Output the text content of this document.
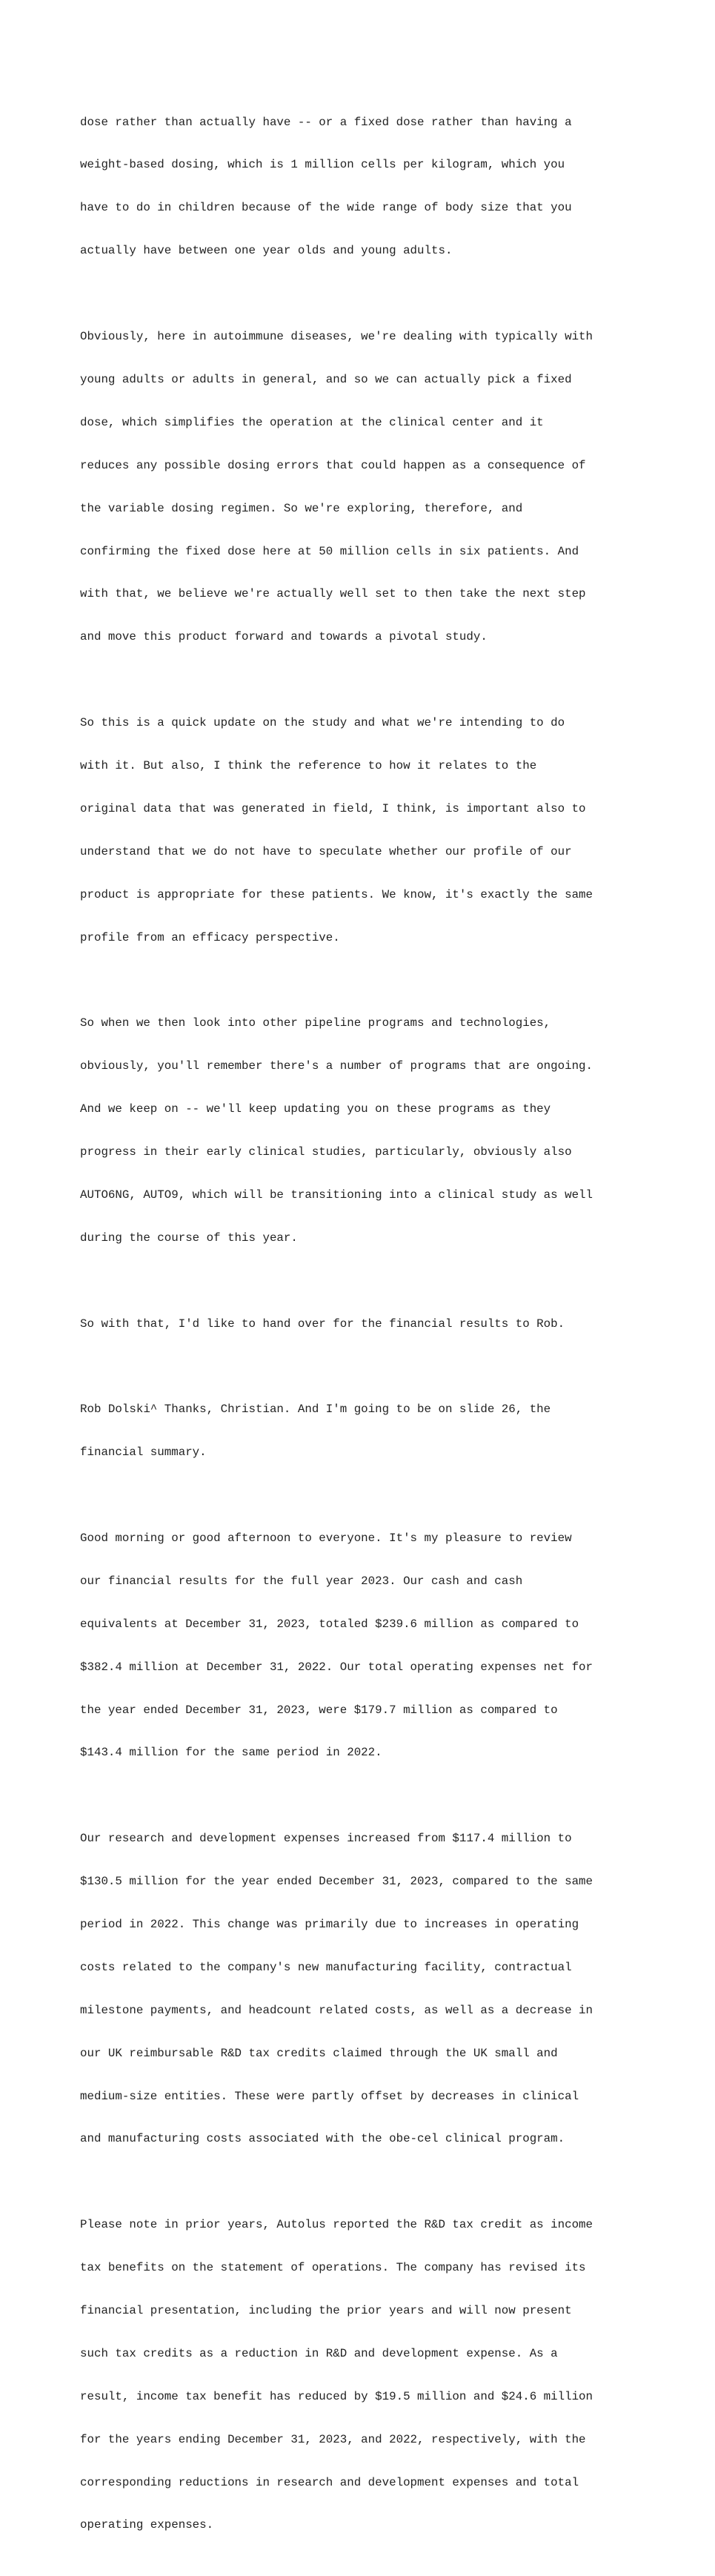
dose rather than actually have -- or a fixed dose rather than having a

weight-based dosing, which is 1 million cells per kilogram, which you

have to do in children because of the wide range of body size that you

actually have between one year olds and young adults.

Obviously, here in autoimmune diseases, we're dealing with typically with

young adults or adults in general, and so we can actually pick a fixed

dose, which simplifies the operation at the clinical center and it

reduces any possible dosing errors that could happen as a consequence of

the variable dosing regimen. So we're exploring, therefore, and

confirming the fixed dose here at 50 million cells in six patients. And

with that, we believe we're actually well set to then take the next step

and move this product forward and towards a pivotal study.

So this is a quick update on the study and what we're intending to do

with it. But also, I think the reference to how it relates to the

original data that was generated in field, I think, is important also to

understand that we do not have to speculate whether our profile of our

product is appropriate for these patients. We know, it's exactly the same

profile from an efficacy perspective.

So when we then look into other pipeline programs and technologies,

obviously, you'll remember there's a number of programs that are ongoing.

And we keep on -- we'll keep updating you on these programs as they

progress in their early clinical studies, particularly, obviously also

AUTO6NG, AUTO9, which will be transitioning into a clinical study as well

during the course of this year.

So with that, I'd like to hand over for the financial results to Rob.

Rob Dolski^ Thanks, Christian. And I'm going to be on slide 26, the

financial summary.

Good morning or good afternoon to everyone. It's my pleasure to review

our financial results for the full year 2023. Our cash and cash

equivalents at December 31, 2023, totaled $239.6 million as compared to

$382.4 million at December 31, 2022. Our total operating expenses net for

the year ended December 31, 2023, were $179.7 million as compared to

$143.4 million for the same period in 2022.

Our research and development expenses increased from $117.4 million to

$130.5 million for the year ended December 31, 2023, compared to the same

period in 2022. This change was primarily due to increases in operating

costs related to the company's new manufacturing facility, contractual

milestone payments, and headcount related costs, as well as a decrease in

our UK reimbursable R&D tax credits claimed through the UK small and

medium-size entities. These were partly offset by decreases in clinical

and manufacturing costs associated with the obe-cel clinical program.

Please note in prior years, Autolus reported the R&D tax credit as income

tax benefits on the statement of operations. The company has revised its

financial presentation, including the prior years and will now present

such tax credits as a reduction in R&D and development expense. As a

result, income tax benefit has reduced by $19.5 million and $24.6 million

for the years ending December 31, 2023, and 2022, respectively, with the

corresponding reductions in research and development expenses and total

operating expenses.
